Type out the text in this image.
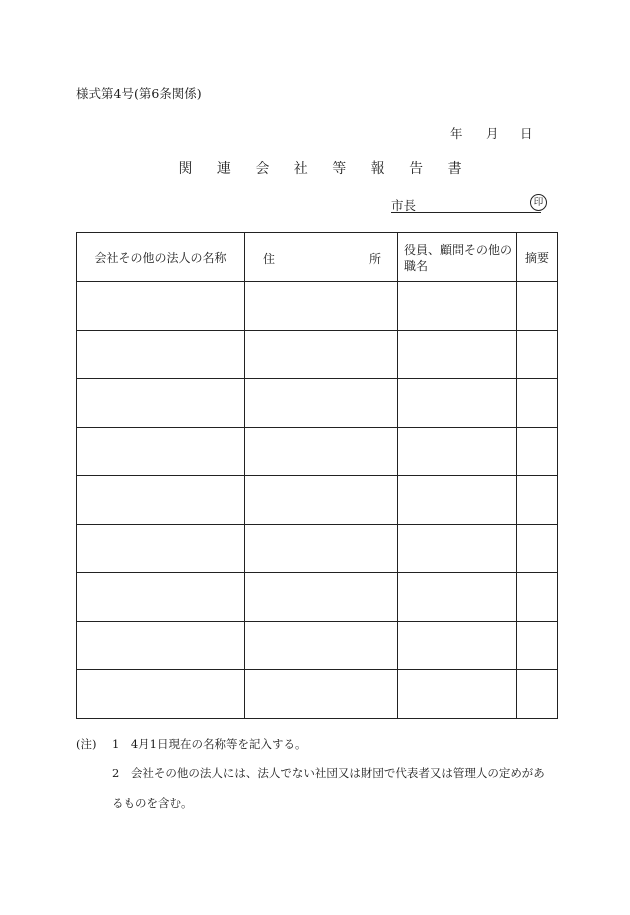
様式第4号(第6条関係)
年 月 日
関 連 会 社 等 報 告 書
市長	印
会社その他の法人の名称	住 所	役員、顧問その他の職名	摘要

(注) 1　4月1日現在の名称等を記入する。
2　会社その他の法人には、法人でない社団又は財団で代表者又は管理人の定めがあ
るものを含む。
